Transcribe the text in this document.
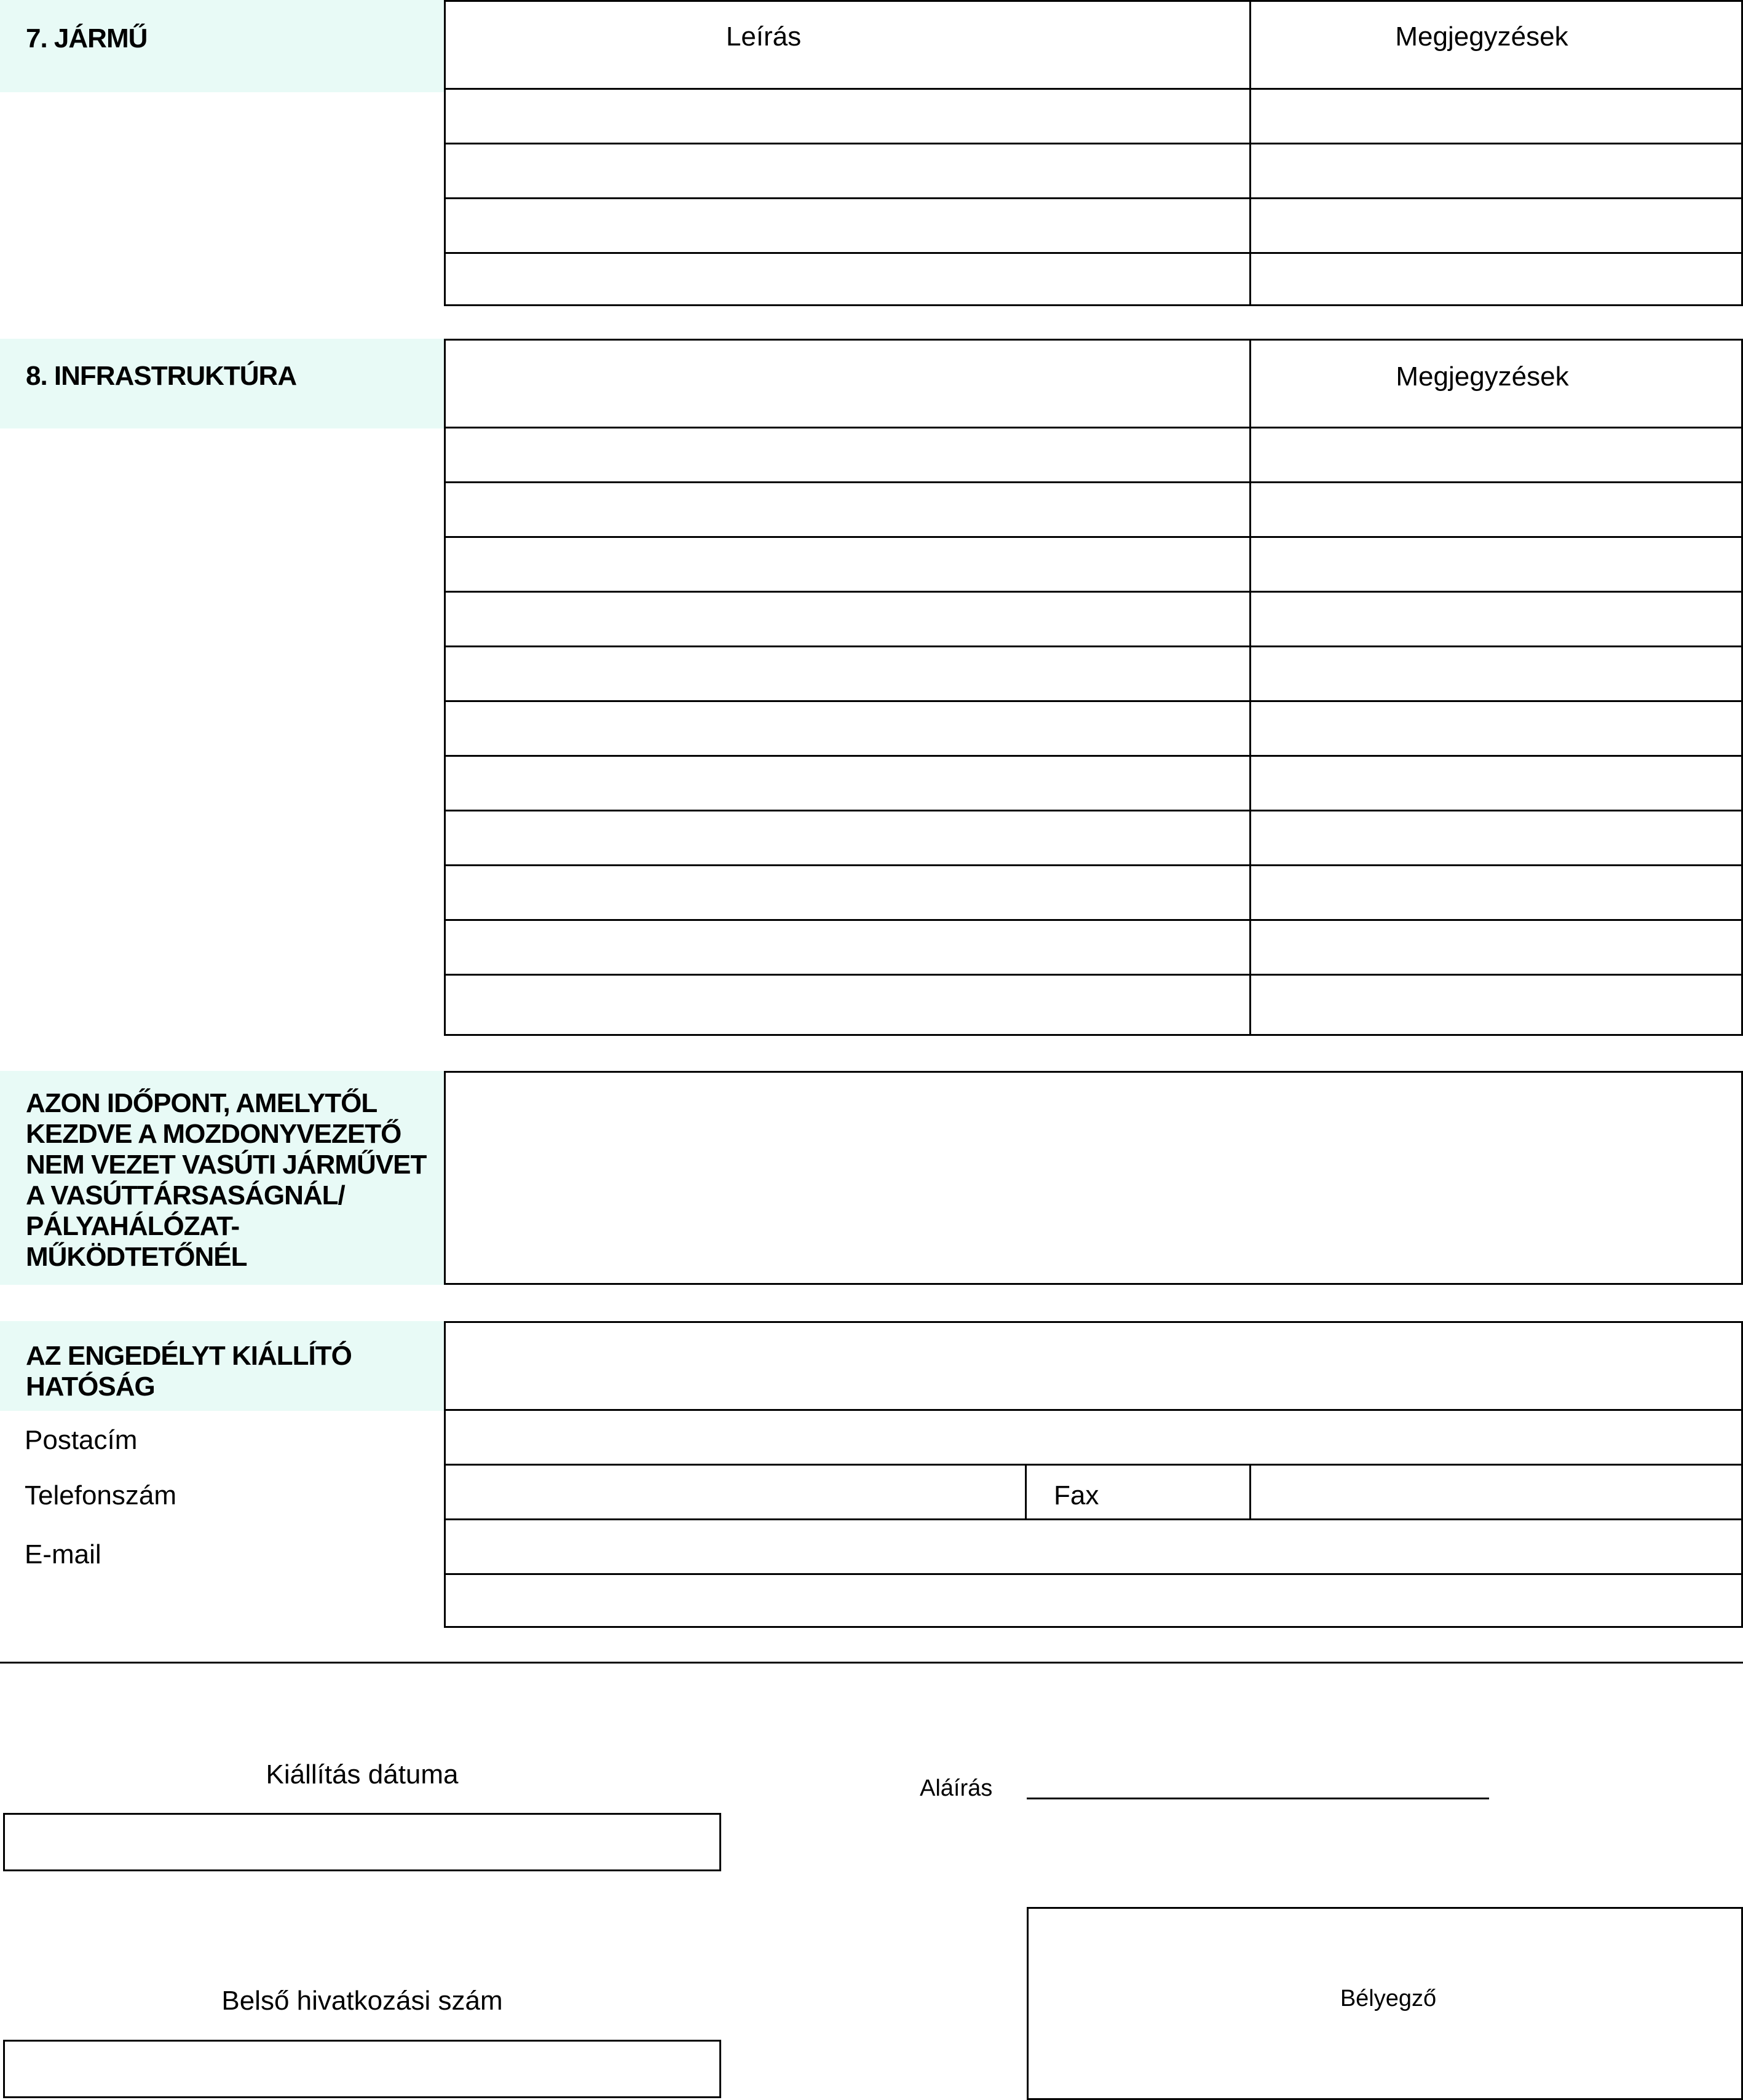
7. JÁRMŰ	Leírás	Megjegyzések
8. INFRASTRUKTÚRA	Megjegyzések
AZON IDŐPONT, AMELYTŐL
KEZDVE A MOZDONYVEZETŐ
NEM VEZET VASÚTI JÁRMŰVET
A VASÚTTÁRSASÁGNÁL/
PÁLYAHÁLÓZAT-
MŰKÖDTETŐNÉL
AZ ENGEDÉLYT KIÁLLÍTÓ
HATÓSÁG
Postacím
Telefonszám	Fax
E-mail
Kiállítás dátuma	Aláírás
Belső hivatkozási szám	Bélyegző
